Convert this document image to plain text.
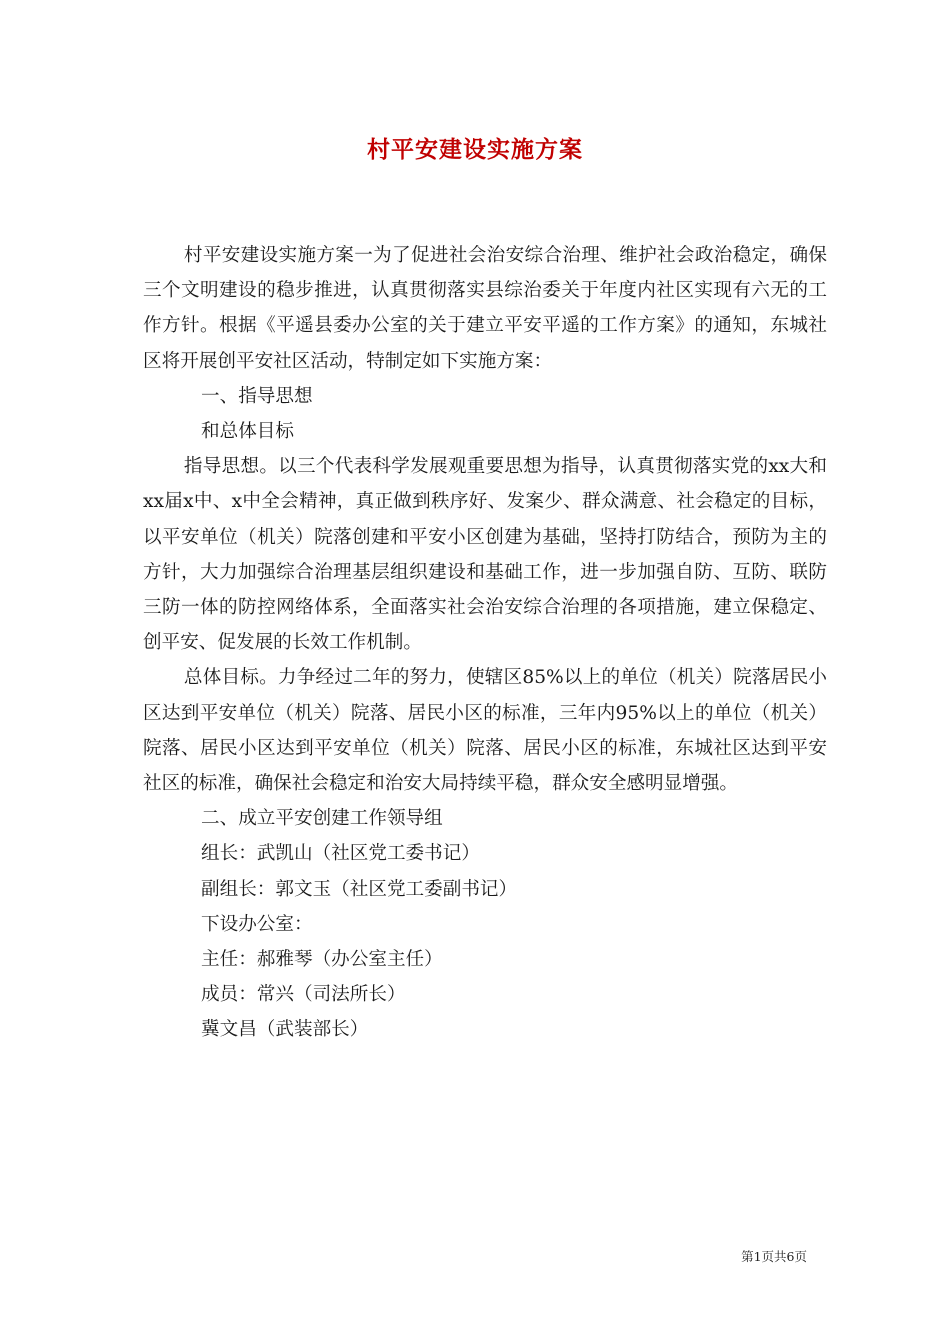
村平安建设实施方案

村平安建设实施方案一为了促进社会治安综合治理、维护社会政治稳定，确保三个文明建设的稳步推进，认真贯彻落实县综治委关于年度内社区实现有六无的工作方针。根据《平遥县委办公室的关于建立平安平遥的工作方案》的通知，东城社区将开展创平安社区活动，特制定如下实施方案：

一、指导思想

和总体目标

指导思想。以三个代表科学发展观重要思想为指导，认真贯彻落实党的xx大和xx届x中、x中全会精神，真正做到秩序好、发案少、群众满意、社会稳定的目标，以平安单位（机关）院落创建和平安小区创建为基础，坚持打防结合，预防为主的方针，大力加强综合治理基层组织建设和基础工作，进一步加强自防、互防、联防三防一体的防控网络体系，全面落实社会治安综合治理的各项措施，建立保稳定、创平安、促发展的长效工作机制。

总体目标。力争经过二年的努力，使辖区85%以上的单位（机关）院落居民小区达到平安单位（机关）院落、居民小区的标准，三年内95%以上的单位（机关）院落、居民小区达到平安单位（机关）院落、居民小区的标准，东城社区达到平安社区的标准，确保社会稳定和治安大局持续平稳，群众安全感明显增强。

二、成立平安创建工作领导组

组长：武凯山（社区党工委书记）

副组长：郭文玉（社区党工委副书记）

下设办公室：

主任：郝雅琴（办公室主任）

成员：常兴（司法所长）

冀文昌（武装部长）

第1页共6页
